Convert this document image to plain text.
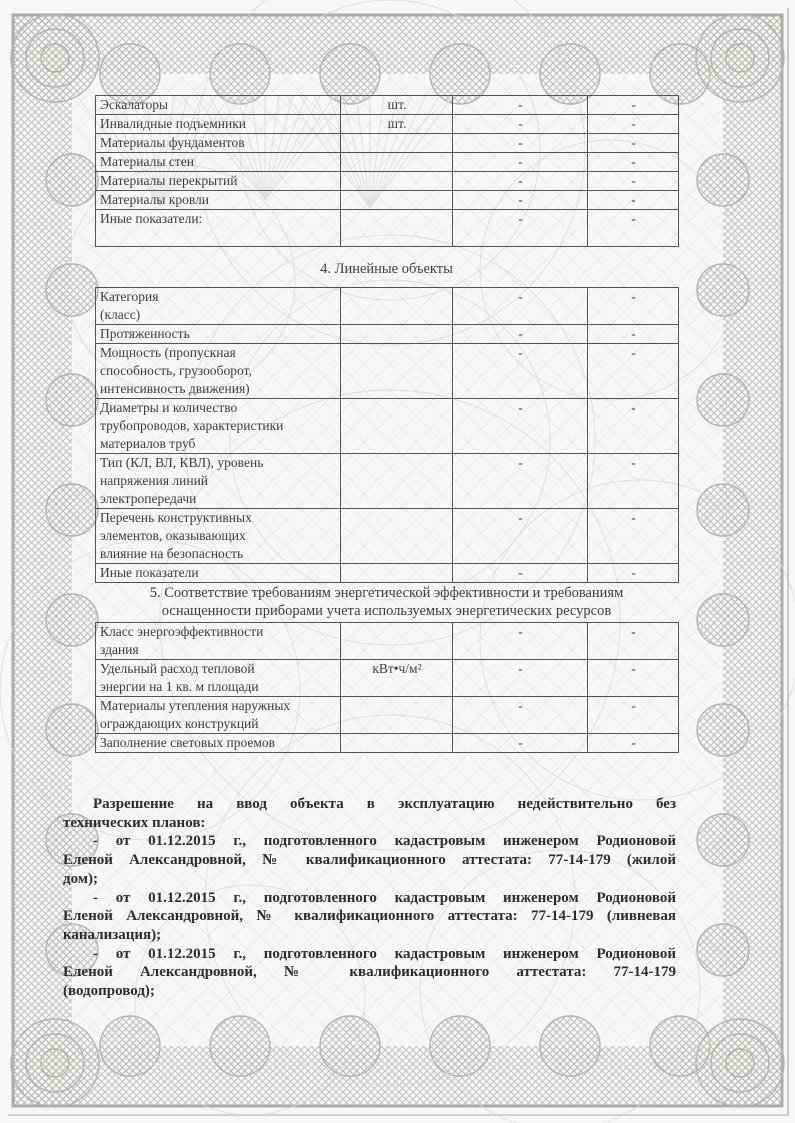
Эскалаторы	шт.	-	-
Инвалидные подъемники	шт.	-	-
Материалы фундаментов		-	-
Материалы стен		-	-
Материалы перекрытий		-	-
Материалы кровли		-	-
Иные показатели:		-	-
4. Линейные объекты
Категория
(класс)		-	-
Протяженность		-	-
Мощность (пропускная
способность, грузооборот,
интенсивность движения)		-	-
Диаметры и количество
трубопроводов, характеристики
материалов труб		-	-
Тип (КЛ, ВЛ, КВЛ), уровень
напряжения линий
электропередачи		-	-
Перечень конструктивных
элементов, оказывающих
влияние на безопасность		-	-
Иные показатели		-	-
5. Соответствие требованиям энергетической эффективности и требованиям
оснащенности приборами учета используемых энергетических ресурсов
Класс энергоэффективности
здания		-	-
Удельный расход тепловой
энергии на 1 кв. м площади	кВт•ч/м²	-	-
Материалы утепления наружных
ограждающих конструкций		-	-
Заполнение световых проемов		-	-
Разрешение на ввод объекта в эксплуатацию недействительно без
технических планов:
- от 01.12.2015 г., подготовленного кадастровым инженером Родионовой
Еленой Александровной, № квалификационного аттестата: 77-14-179 (жилой
дом);
- от 01.12.2015 г., подготовленного кадастровым инженером Родионовой
Еленой Александровной, № квалификационного аттестата: 77-14-179 (ливневая
канализация);
- от 01.12.2015 г., подготовленного кадастровым инженером Родионовой
Еленой Александровной, № квалификационного аттестата: 77-14-179
(водопровод);
